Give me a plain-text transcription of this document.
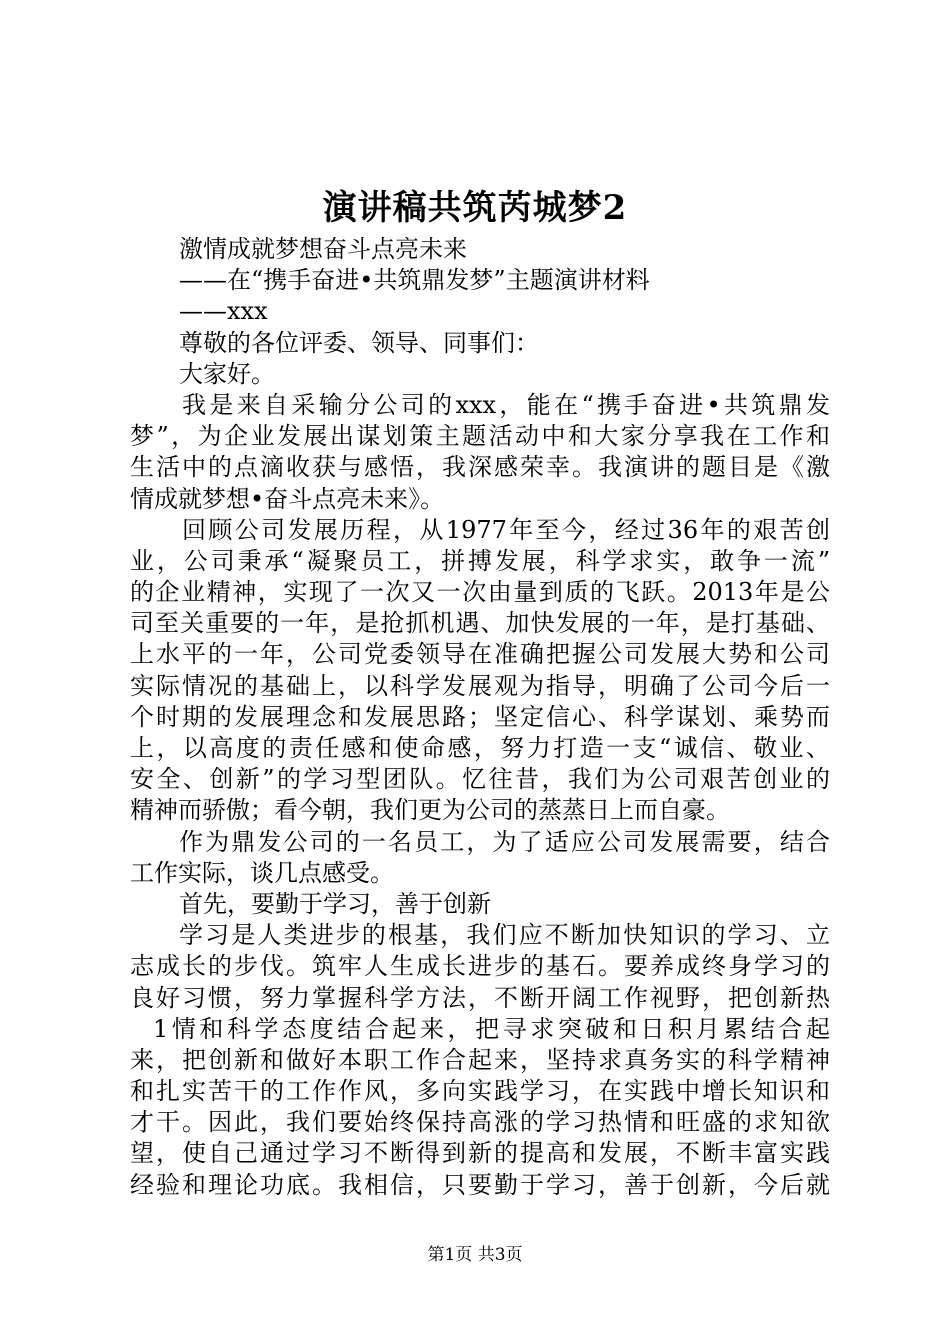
演讲稿共筑芮城梦2
激情成就梦想奋斗点亮未来
——在“携手奋进•共筑鼎发梦”主题演讲材料
——xxx
尊敬的各位评委、领导、同事们：
大家好。
我是来自采输分公司的xxx，能在“携手奋进•共筑鼎发
梦”，为企业发展出谋划策主题活动中和大家分享我在工作和
生活中的点滴收获与感悟，我深感荣幸。我演讲的题目是《激
情成就梦想•奋斗点亮未来》。
回顾公司发展历程，从1977年至今，经过36年的艰苦创
业，公司秉承“凝聚员工，拼搏发展，科学求实，敢争一流”
的企业精神，实现了一次又一次由量到质的飞跃。2013年是公
司至关重要的一年，是抢抓机遇、加快发展的一年，是打基础、
上水平的一年，公司党委领导在准确把握公司发展大势和公司
实际情况的基础上，以科学发展观为指导，明确了公司今后一
个时期的发展理念和发展思路；坚定信心、科学谋划、乘势而
上，以高度的责任感和使命感，努力打造一支“诚信、敬业、
安全、创新”的学习型团队。忆往昔，我们为公司艰苦创业的
精神而骄傲；看今朝，我们更为公司的蒸蒸日上而自豪。
作为鼎发公司的一名员工，为了适应公司发展需要，结合
工作实际，谈几点感受。
首先，要勤于学习，善于创新
学习是人类进步的根基，我们应不断加快知识的学习、立
志成长的步伐。筑牢人生成长进步的基石。要养成终身学习的
良好习惯，努力掌握科学方法，不断开阔工作视野，把创新热
1情和科学态度结合起来，把寻求突破和日积月累结合起
来，把创新和做好本职工作合起来，坚持求真务实的科学精神
和扎实苦干的工作作风，多向实践学习，在实践中增长知识和
才干。因此，我们要始终保持高涨的学习热情和旺盛的求知欲
望，使自己通过学习不断得到新的提高和发展，不断丰富实践
经验和理论功底。我相信，只要勤于学习，善于创新，今后就
第1页 共3页
